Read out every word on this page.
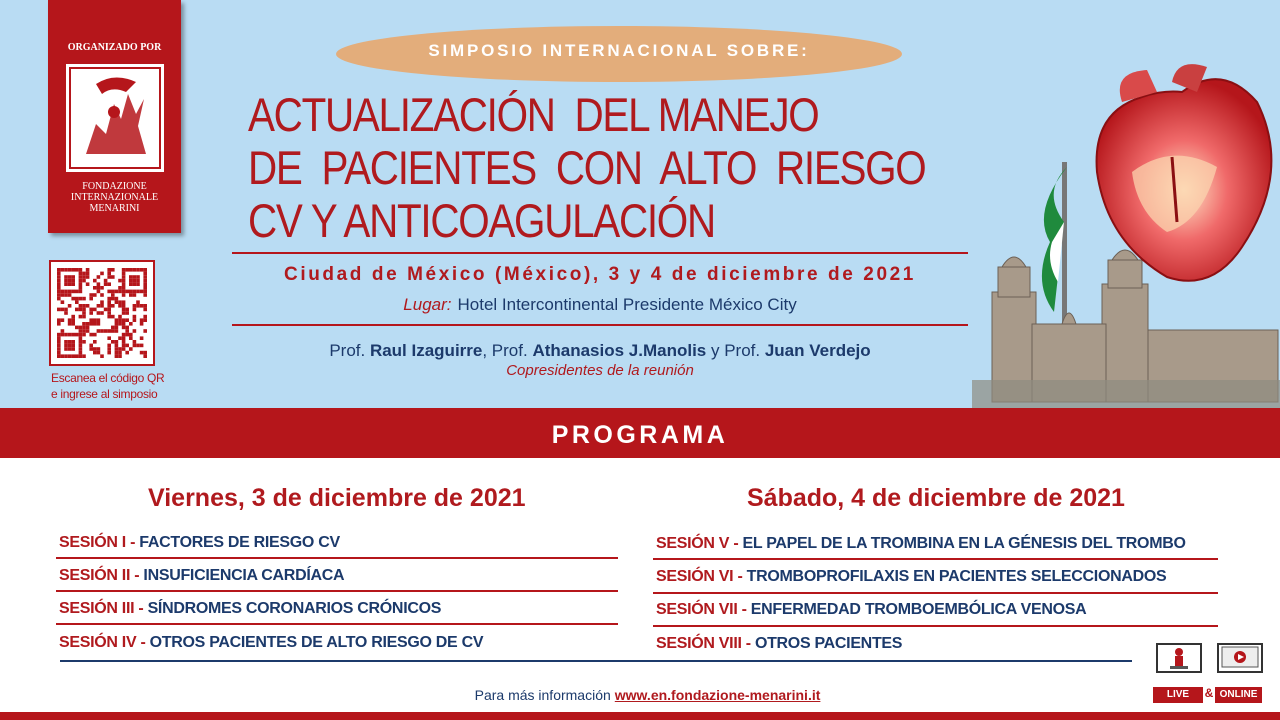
ORGANIZADO POR
FONDAZIONE
INTERNAZIONALE
MENARINI
Escanea el código QR
e ingrese al simposio
SIMPOSIO INTERNACIONAL SOBRE:
ACTUALIZACIÓN  DEL MANEJO
DE  PACIENTES  CON  ALTO  RIESGO
CV Y ANTICOAGULACIÓN
Ciudad de México (México), 3 y 4 de diciembre de 2021
Lugar: Hotel Intercontinental Presidente México City
Prof. Raul Izaguirre, Prof. Athanasios J.Manolis y Prof. Juan Verdejo
Copresidentes de la reunión
PROGRAMA
Viernes, 3 de diciembre de 2021
SESIÓN I - FACTORES DE RIESGO CV
SESIÓN II - INSUFICIENCIA CARDÍACA
SESIÓN III - SÍNDROMES CORONARIOS CRÓNICOS
SESIÓN IV - OTROS PACIENTES DE ALTO RIESGO DE CV
Sábado, 4 de diciembre de 2021
SESIÓN V - EL PAPEL DE LA TROMBINA EN LA GÉNESIS DEL TROMBO
SESIÓN VI - TROMBOPROFILAXIS EN PACIENTES SELECCIONADOS
SESIÓN VII - ENFERMEDAD TROMBOEMBÓLICA VENOSA
SESIÓN VIII - OTROS PACIENTES
Para más información www.en.fondazione-menarini.it	LIVE	& ONLINE
